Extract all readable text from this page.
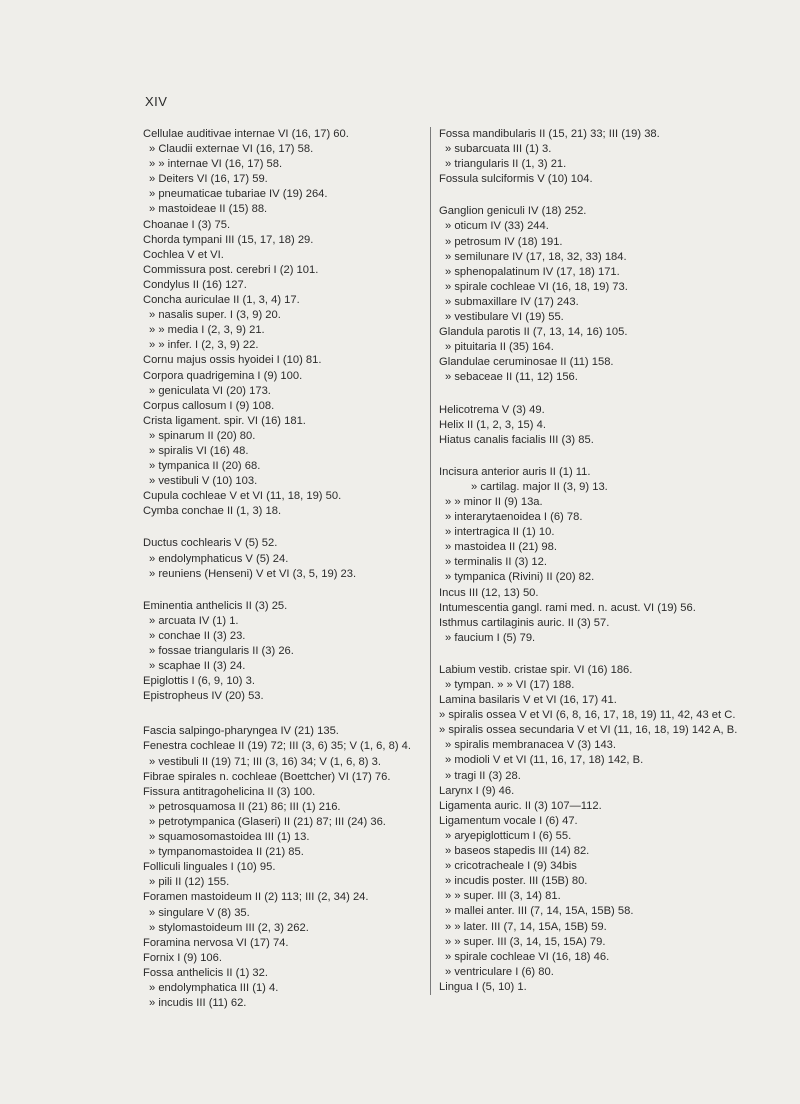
XIV
Cellulae auditivae internae VI (16, 17) 60.
» Claudii externae VI (16, 17) 58.
» » internae VI (16, 17) 58.
» Deiters VI (16, 17) 59.
» pneumaticae tubariae IV (19) 264.
» mastoideae II (15) 88.
Choanae I (3) 75.
Chorda tympani III (15, 17, 18) 29.
Cochlea V et VI.
Commissura post. cerebri I (2) 101.
Condylus II (16) 127.
Concha auriculae II (1, 3, 4) 17.
» nasalis super. I (3, 9) 20.
» » media I (2, 3, 9) 21.
» » infer. I (2, 3, 9) 22.
Cornu majus ossis hyoidei I (10) 81.
Corpora quadrigemina I (9) 100.
» geniculata VI (20) 173.
Corpus callosum I (9) 108.
Crista ligament. spir. VI (16) 181.
» spinarum II (20) 80.
» spiralis VI (16) 48.
» tympanica II (20) 68.
» vestibuli V (10) 103.
Cupula cochleae V et VI (11, 18, 19) 50.
Cymba conchae II (1, 3) 18.
Ductus cochlearis V (5) 52.
» endolymphaticus V (5) 24.
» reuniens (Henseni) V et VI (3, 5, 19) 23.
Eminentia anthelicis II (3) 25.
» arcuata IV (1) 1.
» conchae II (3) 23.
» fossae triangularis II (3) 26.
» scaphae II (3) 24.
Epiglottis I (6, 9, 10) 3.
Epistropheus IV (20) 53.
Fascia salpingo-pharyngea IV (21) 135.
Fenestra cochleae II (19) 72; III (3, 6) 35; V (1, 6, 8) 4.
» vestibuli II (19) 71; III (3, 16) 34; V (1, 6, 8) 3.
Fibrae spirales n. cochleae (Boettcher) VI (17) 76.
Fissura antitragohelicina II (3) 100.
» petrosquamosa II (21) 86; III (1) 216.
» petrotympanica (Glaseri) II (21) 87; III (24) 36.
» squamosomastoidea III (1) 13.
» tympanomastoidea II (21) 85.
Folliculi linguales I (10) 95.
» pili II (12) 155.
Foramen mastoideum II (2) 113; III (2, 34) 24.
» singulare V (8) 35.
» stylomastoideum III (2, 3) 262.
Foramina nervosa VI (17) 74.
Fornix I (9) 106.
Fossa anthelicis II (1) 32.
» endolymphatica III (1) 4.
» incudis III (11) 62.
Fossa mandibularis II (15, 21) 33; III (19) 38.
» subarcuata III (1) 3.
» triangularis II (1, 3) 21.
Fossula sulciformis V (10) 104.
Ganglion geniculi IV (18) 252.
» oticum IV (33) 244.
» petrosum IV (18) 191.
» semilunare IV (17, 18, 32, 33) 184.
» sphenopalatinum IV (17, 18) 171.
» spirale cochleae VI (16, 18, 19) 73.
» submaxillare IV (17) 243.
» vestibulare VI (19) 55.
Glandula parotis II (7, 13, 14, 16) 105.
» pituitaria II (35) 164.
Glandulae ceruminosae II (11) 158.
» sebaceae II (11, 12) 156.
Helicotrema V (3) 49.
Helix II (1, 2, 3, 15) 4.
Hiatus canalis facialis III (3) 85.
Incisura anterior auris II (1) 11.
» cartilag. major II (3, 9) 13.
» » minor II (9) 13a.
» interarytaenoidea I (6) 78.
» intertragica II (1) 10.
» mastoidea II (21) 98.
» terminalis II (3) 12.
» tympanica (Rivini) II (20) 82.
Incus III (12, 13) 50.
Intumescentia gangl. rami med. n. acust. VI (19) 56.
Isthmus cartilaginis auric. II (3) 57.
» faucium I (5) 79.
Labium vestib. cristae spir. VI (16) 186.
» tympan. » » VI (17) 188.
Lamina basilaris V et VI (16, 17) 41.
» spiralis ossea V et VI (6, 8, 16, 17, 18, 19) 11, 42, 43 et C.
» spiralis ossea secundaria V et VI (11, 16, 18, 19) 142 A, B.
» spiralis membranacea V (3) 143.
» modioli V et VI (11, 16, 17, 18) 142, B.
» tragi II (3) 28.
Larynx I (9) 46.
Ligamenta auric. II (3) 107—112.
Ligamentum vocale I (6) 47.
» aryepiglotticum I (6) 55.
» baseos stapedis III (14) 82.
» cricotracheale I (9) 34bis
» incudis poster. III (15B) 80.
» » super. III (3, 14) 81.
» mallei anter. III (7, 14, 15A, 15B) 58.
» » later. III (7, 14, 15A, 15B) 59.
» » super. III (3, 14, 15, 15A) 79.
» spirale cochleae VI (16, 18) 46.
» ventriculare I (6) 80.
Lingua I (5, 10) 1.
